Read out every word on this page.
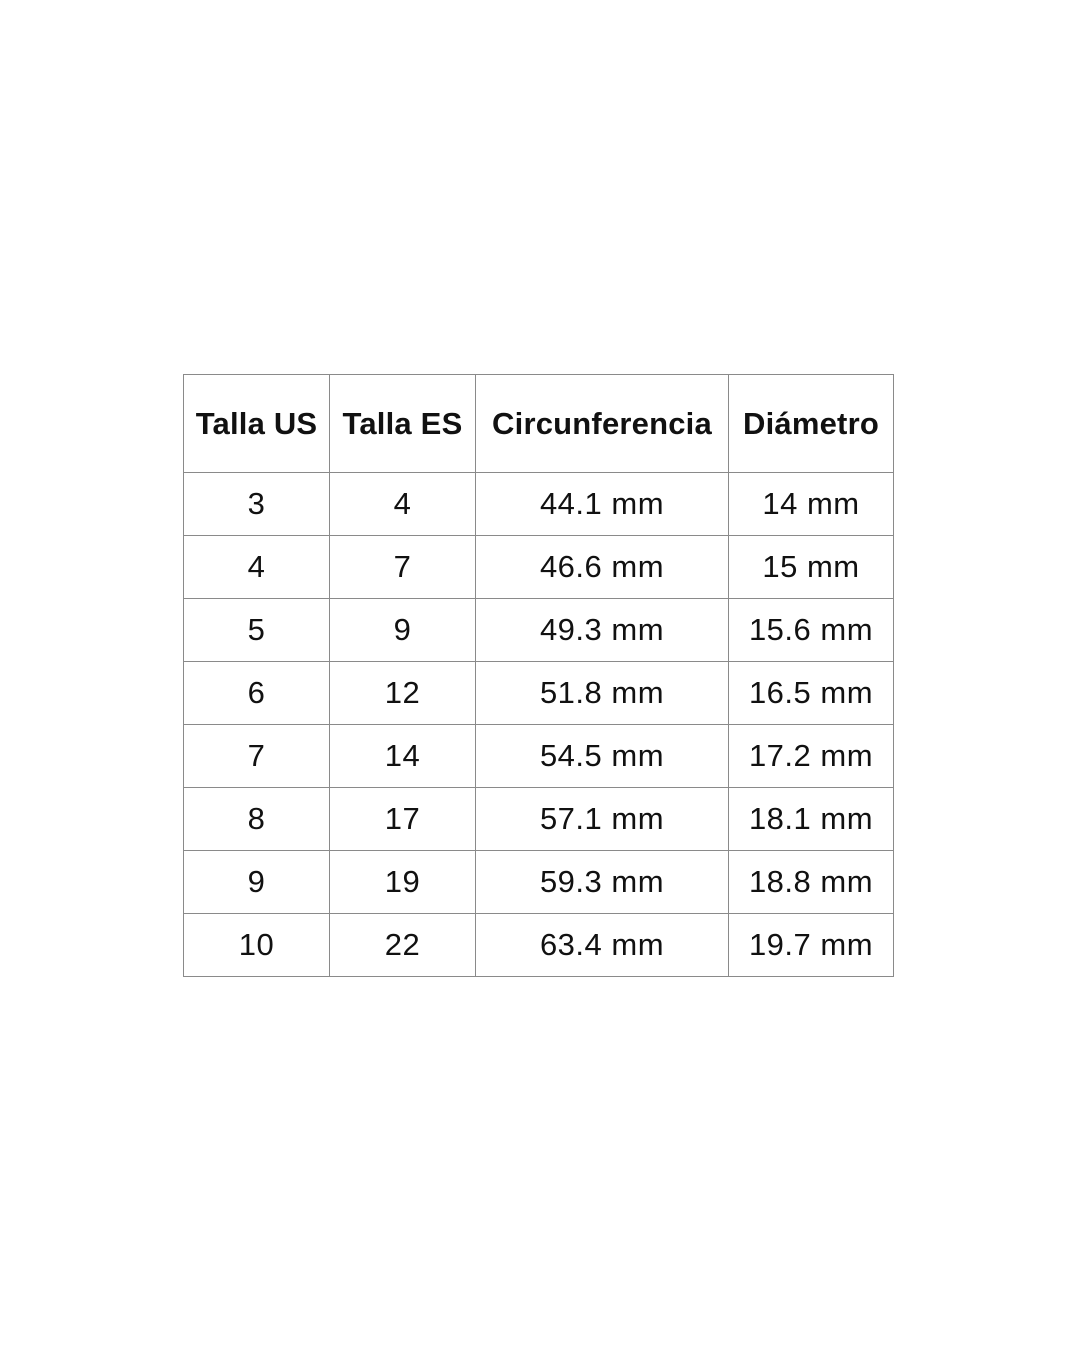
Talla US	Talla ES	Circunferencia	Diámetro
3	4	44.1 mm	14 mm
4	7	46.6 mm	15 mm
5	9	49.3 mm	15.6 mm
6	12	51.8 mm	16.5 mm
7	14	54.5 mm	17.2 mm
8	17	57.1 mm	18.1 mm
9	19	59.3 mm	18.8 mm
10	22	63.4 mm	19.7 mm
